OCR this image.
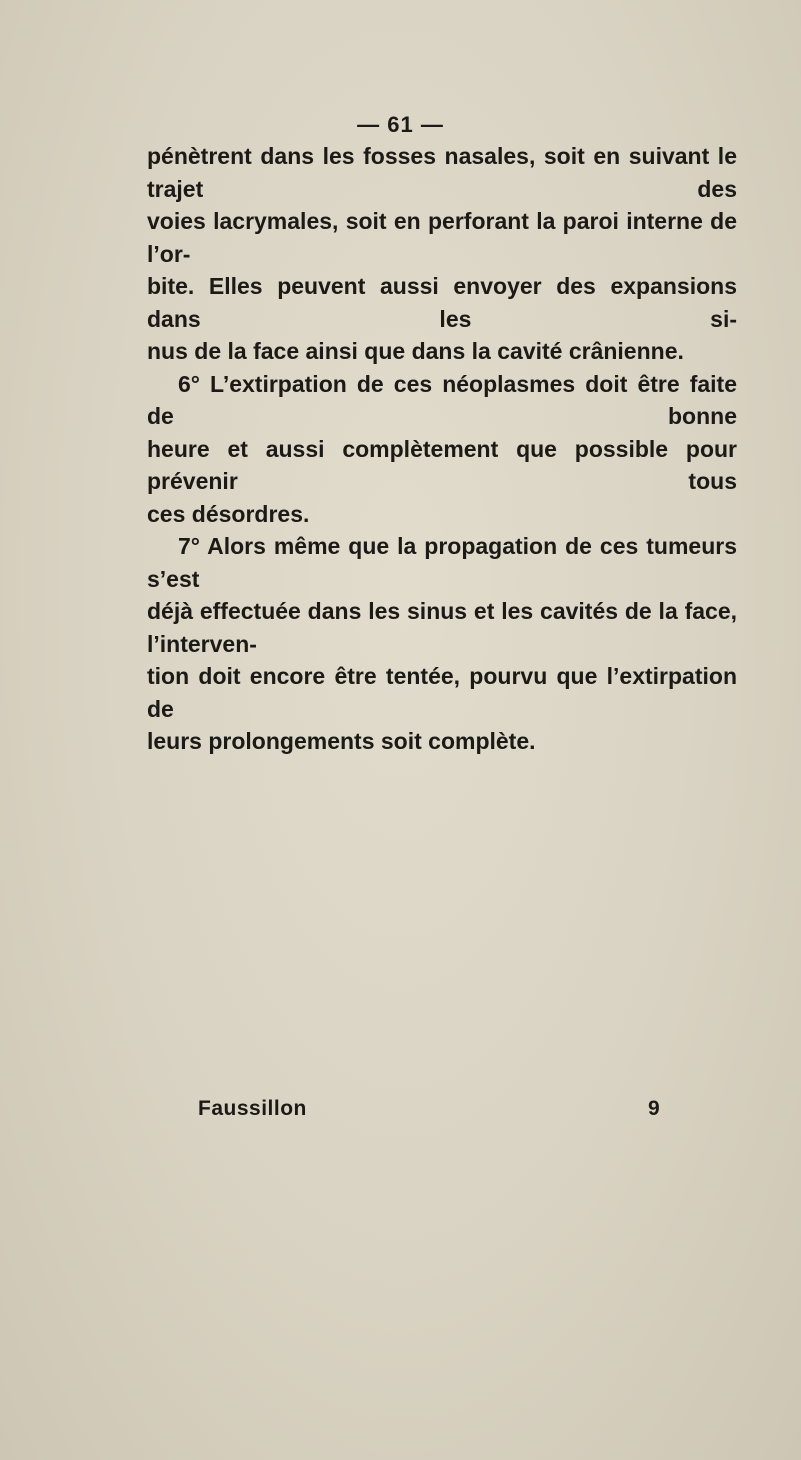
— 61 —

pénètrent dans les fosses nasales, soit en suivant le trajet des
voies lacrymales, soit en perforant la paroi interne de l’or-
bite. Elles peuvent aussi envoyer des expansions dans les si-
nus de la face ainsi que dans la cavité crânienne.

6° L’extirpation de ces néoplasmes doit être faite de bonne
heure et aussi complètement que possible pour prévenir tous
ces désordres.

7° Alors même que la propagation de ces tumeurs s’est
déjà effectuée dans les sinus et les cavités de la face, l’interven-
tion doit encore être tentée, pourvu que l’extirpation de
leurs prolongements soit complète.

Faussillon	9
